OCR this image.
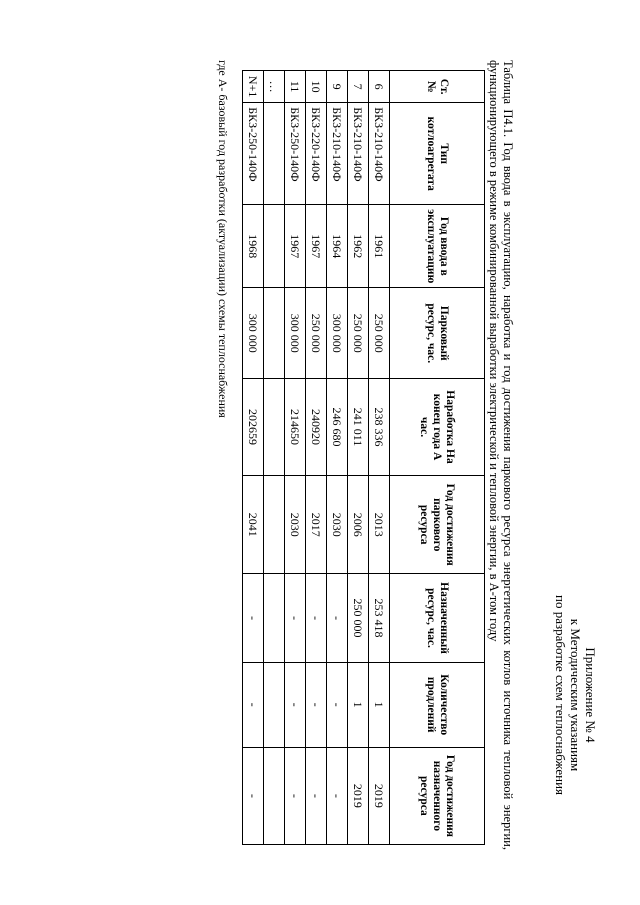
Приложение № 4
к Методическим указаниям
по разработке схем теплоснабжения
Таблица П4.1. Год ввода в эксплуатацию, наработка и год достижения паркового ресурса энергетических котлов источника тепловой энергии, функционирующего в режиме комбинированной выработки электрической и тепловой энергии, в А-том году
Ст. №	Тип котлоагрегата	Год ввода в эксплуатацию	Парковый ресурс, час.	Наработка На конец года А час.	Год достижения паркового ресурса	Назначенный ресурс, час.	Количество продлений	Год достижения назначенного ресурса
6	БКЗ-210-140Ф	1961	250 000	238 336	2013	253 418	1	2019
7	БКЗ-210-140Ф	1962	250 000	241 011	2006	250 000	1	2019
9	БКЗ-210-140Ф	1964	300 000	246 680	2030	-	-	-
10	БКЗ-220-140Ф	1967	250 000	240920	2017	-	-	-
11	БКЗ-250-140Ф	1967	300 000	214650	2030	-	-	-
…								
N+1	БКЗ-250-140Ф	1968	300 000	202659	2041	-	-	-
где А- базовый год разработки (актуализации) схемы теплоснабжения
